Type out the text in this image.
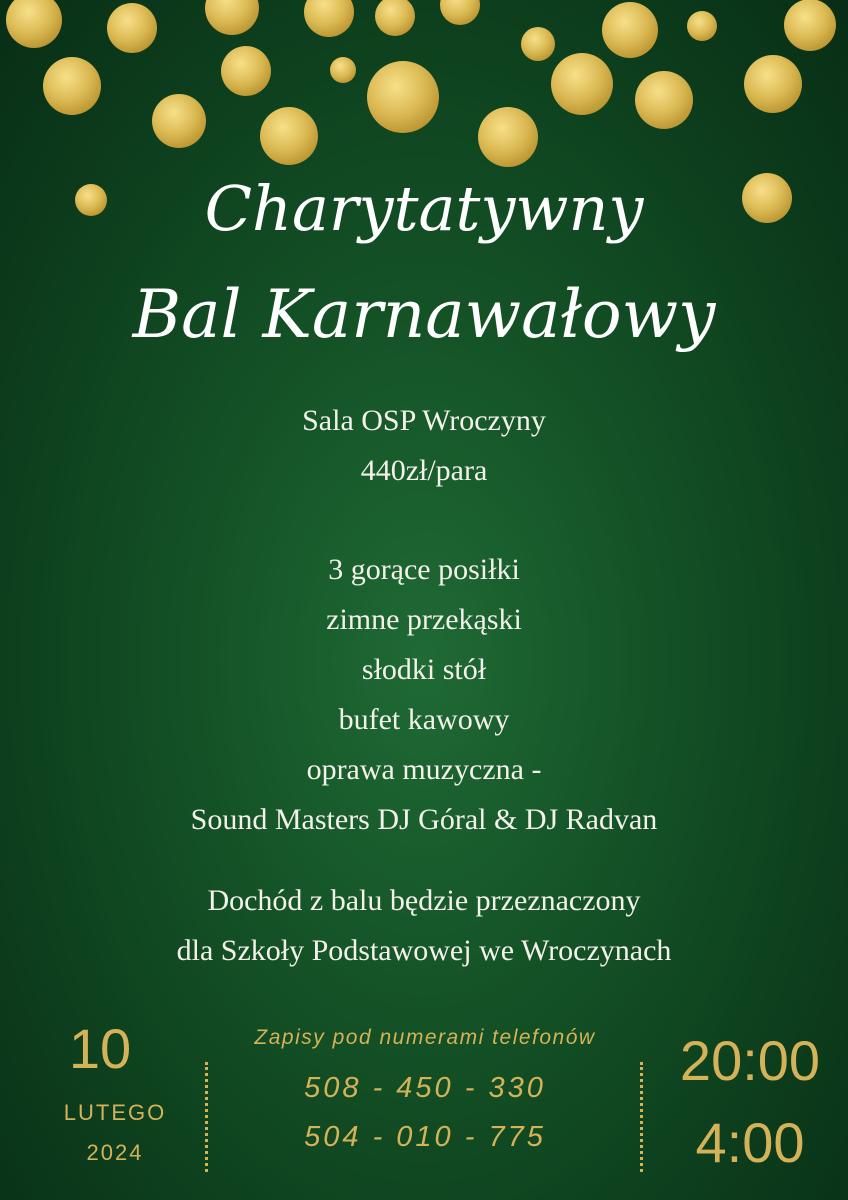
Charytatywny
Bal Karnawałowy
Sala OSP Wroczyny
440zł/para
3 gorące posiłki
zimne przekąski
słodki stół
bufet kawowy
oprawa muzyczna -
Sound Masters DJ Góral & DJ Radvan
Dochód z balu będzie przeznaczony
dla Szkoły Podstawowej we Wroczynach
10
LUTEGO
2024
Zapisy pod numerami telefonów
508 - 450 - 330
504 - 010 - 775
20:00
4:00
